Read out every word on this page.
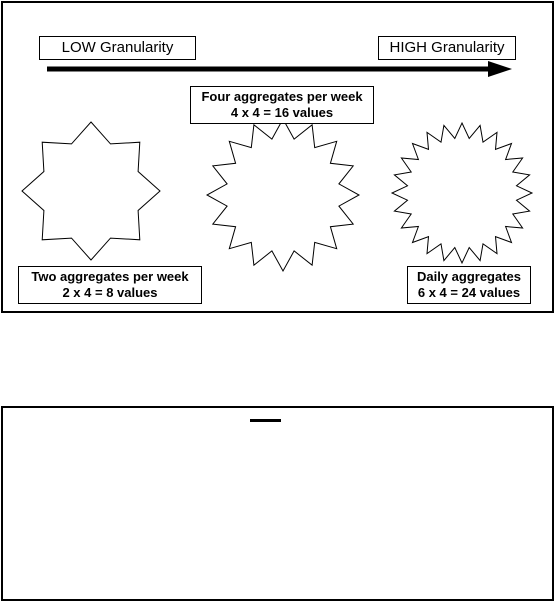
LOW Granularity	HIGH Granularity
Four aggregates per week
4 x 4 = 16 values
Two aggregates per week
2 x 4 = 8 values
Daily aggregates
6 x 4 = 24 values
